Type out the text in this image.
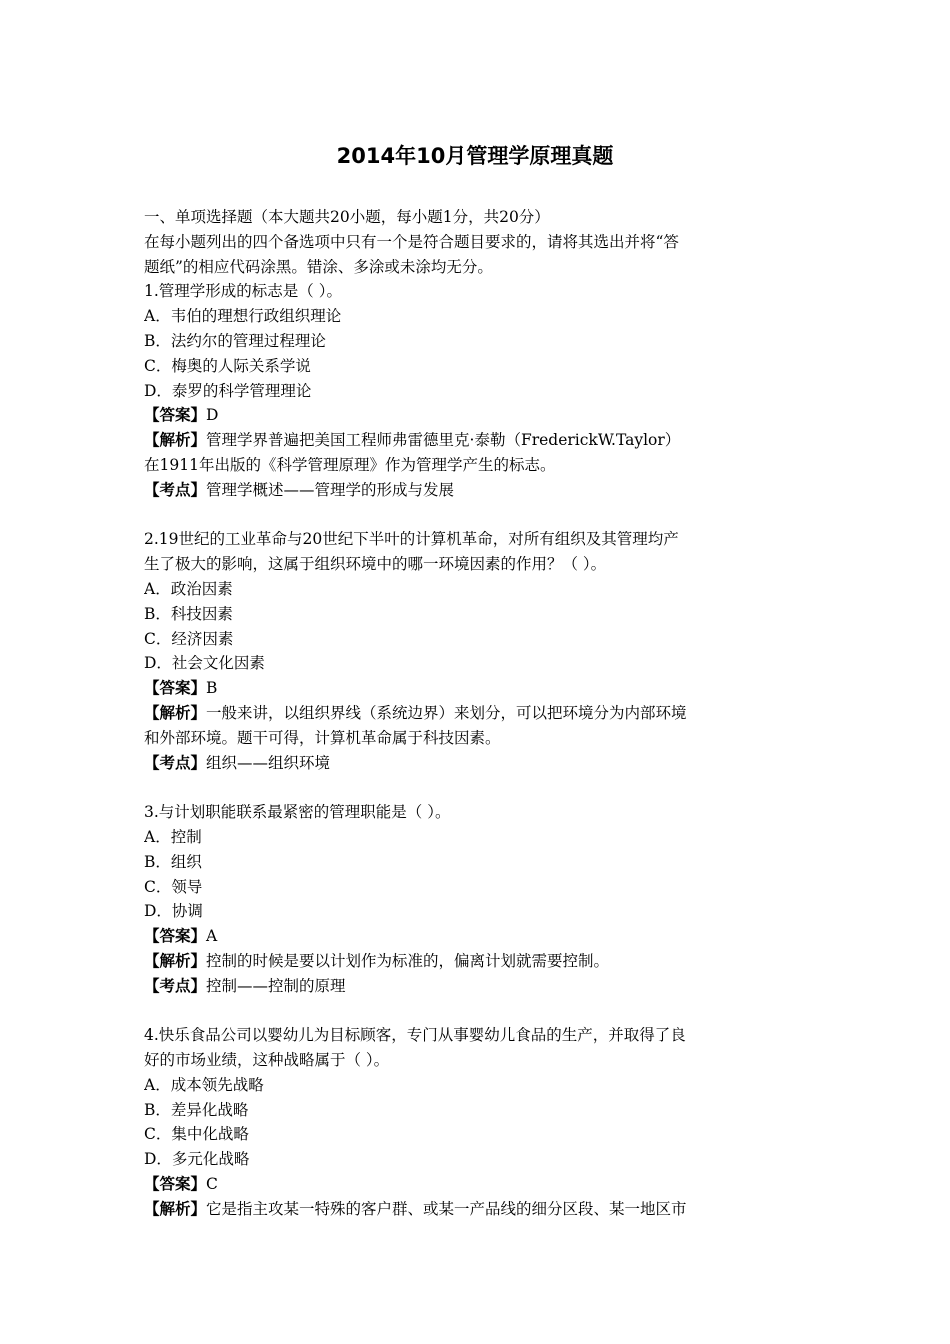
2014年10月管理学原理真题
一、单项选择题（本大题共20小题，每小题1分，共20分）
在每小题列出的四个备选项中只有一个是符合题目要求的，请将其选出并将“答
题纸”的相应代码涂黑。错涂、多涂或未涂均无分。
1.管理学形成的标志是（ ）。
A．韦伯的理想行政组织理论
B．法约尔的管理过程理论
C．梅奥的人际关系学说
D．泰罗的科学管理理论
【答案】D
【解析】管理学界普遍把美国工程师弗雷德里克·泰勒（FrederickW.Taylor）
在1911年出版的《科学管理原理》作为管理学产生的标志。
【考点】管理学概述——管理学的形成与发展
2.19世纪的工业革命与20世纪下半叶的计算机革命，对所有组织及其管理均产
生了极大的影响，这属于组织环境中的哪一环境因素的作用？（ ）。
A．政治因素
B．科技因素
C．经济因素
D．社会文化因素
【答案】B
【解析】一般来讲，以组织界线（系统边界）来划分，可以把环境分为内部环境
和外部环境。题干可得，计算机革命属于科技因素。
【考点】组织——组织环境
3.与计划职能联系最紧密的管理职能是（ ）。
A．控制
B．组织
C．领导
D．协调
【答案】A
【解析】控制的时候是要以计划作为标准的，偏离计划就需要控制。
【考点】控制——控制的原理
4.快乐食品公司以婴幼儿为目标顾客，专门从事婴幼儿食品的生产，并取得了良
好的市场业绩，这种战略属于（ ）。
A．成本领先战略
B．差异化战略
C．集中化战略
D．多元化战略
【答案】C
【解析】它是指主攻某一特殊的客户群、或某一产品线的细分区段、某一地区市
